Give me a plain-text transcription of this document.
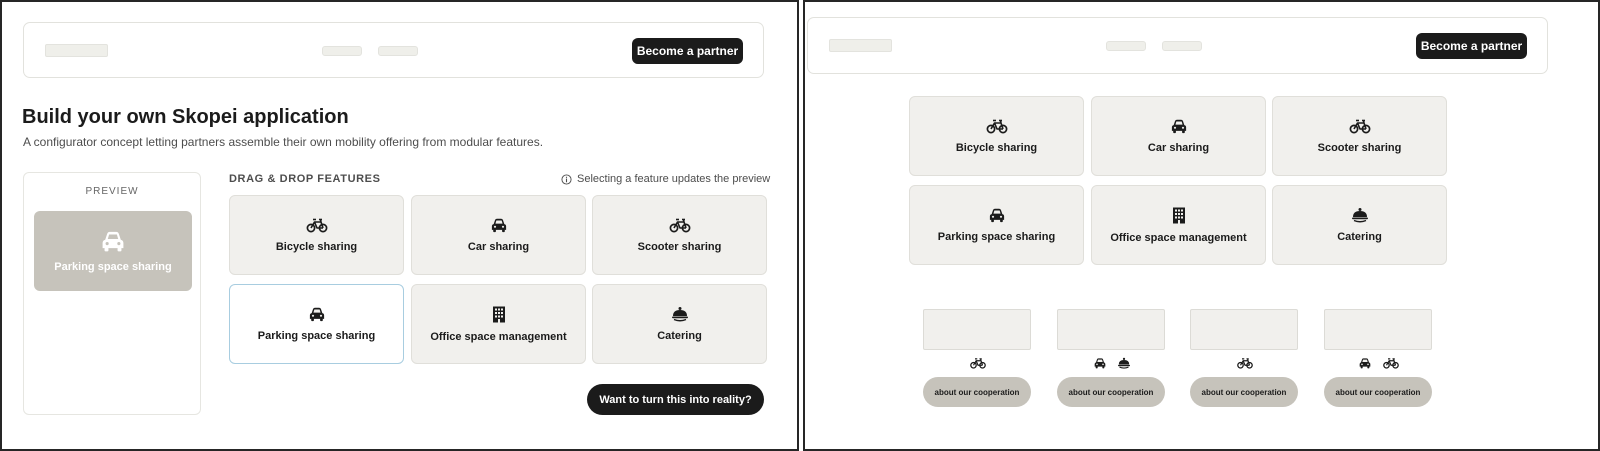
Become a partner
Build your own Skopei application
A configurator concept letting partners assemble their own mobility offering from modular features.
PREVIEW
Parking space sharing
DRAG & DROP FEATURES	Selecting a feature updates the preview
Bicycle sharing	Car sharing	Scooter sharing
Parking space sharing	Office space management	Catering
Want to turn this into reality?
Become a partner
Bicycle sharing	Car sharing	Scooter sharing
Parking space sharing	Office space management	Catering
about our cooperation	about our cooperation	about our cooperation	about our cooperation
